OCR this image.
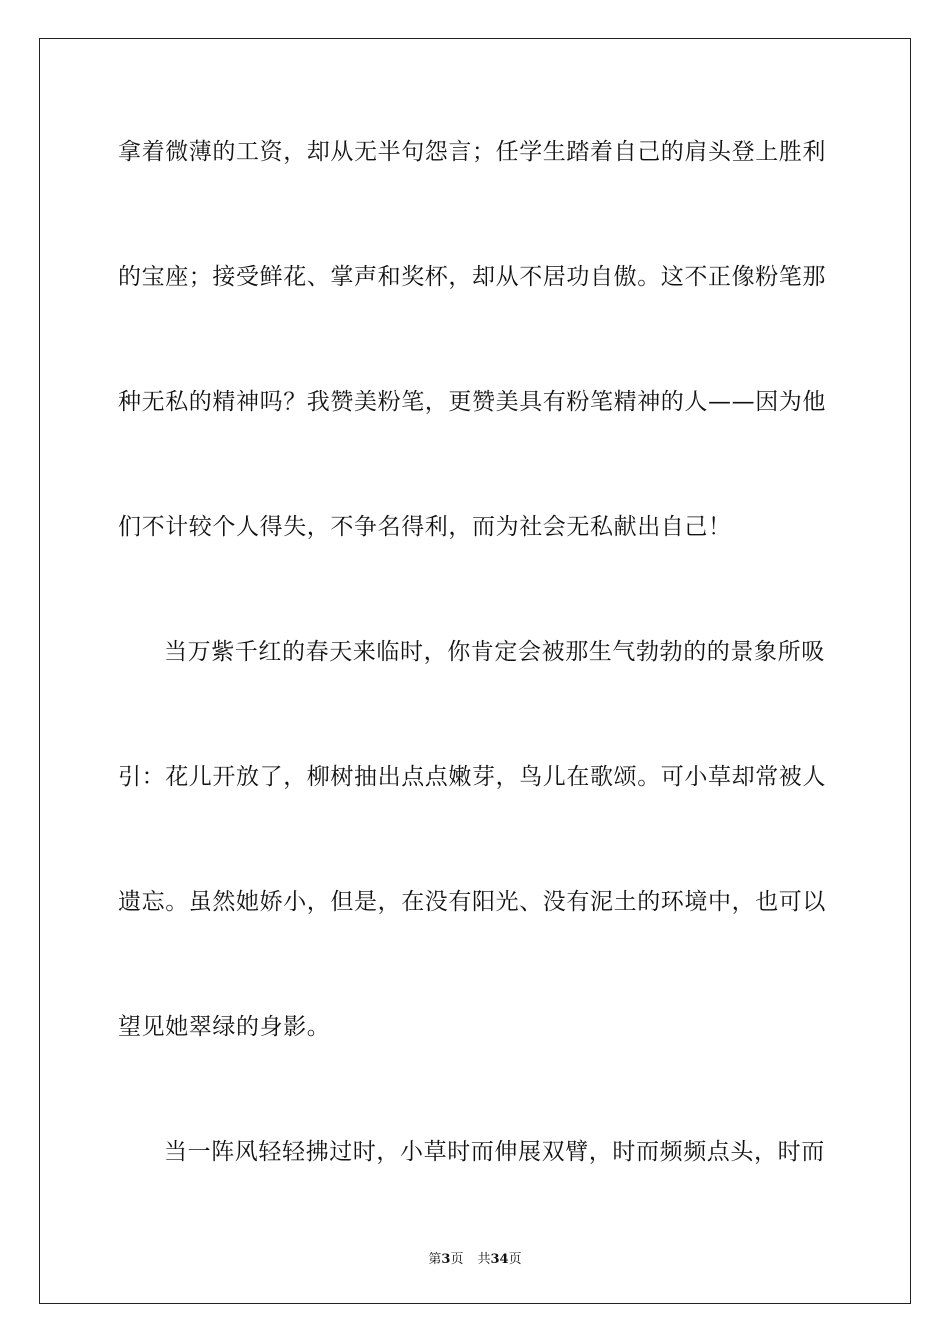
拿着微薄的工资，却从无半句怨言；任学生踏着自己的肩头登上胜利
的宝座；接受鲜花、掌声和奖杯，却从不居功自傲。这不正像粉笔那
种无私的精神吗？我赞美粉笔，更赞美具有粉笔精神的人——因为他
们不计较个人得失，不争名得利，而为社会无私献出自己！
当万紫千红的春天来临时，你肯定会被那生气勃勃的的景象所吸
引：花儿开放了，柳树抽出点点嫩芽，鸟儿在歌颂。可小草却常被人
遗忘。虽然她娇小，但是，在没有阳光、没有泥土的环境中，也可以
望见她翠绿的身影。
当一阵风轻轻拂过时，小草时而伸展双臂，时而频频点头，时而
第3页 共34页
